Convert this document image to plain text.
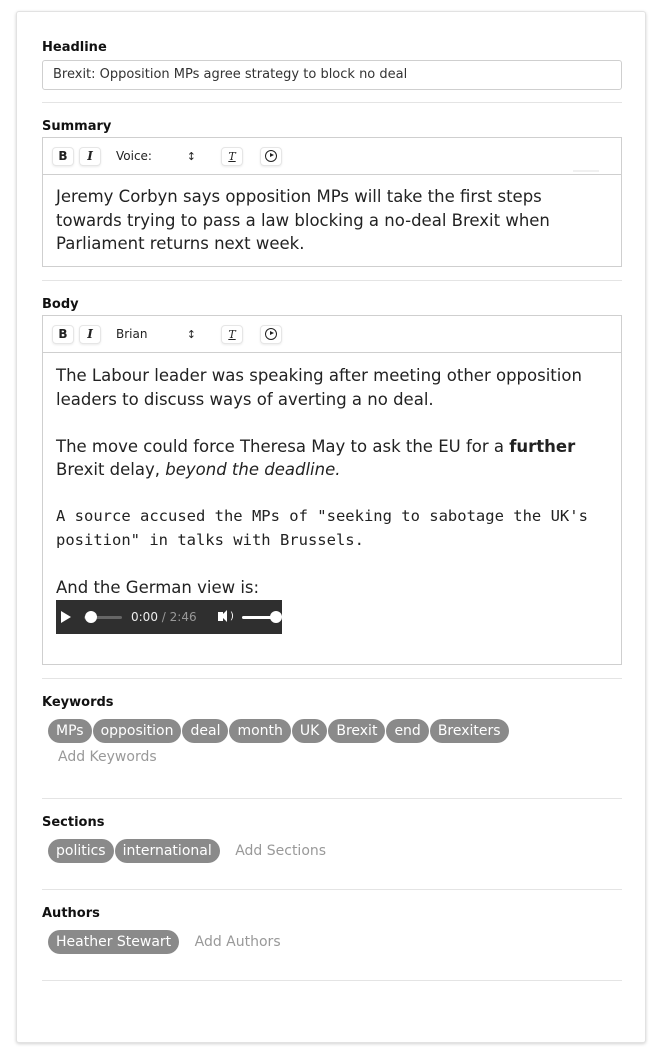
Headline
Brexit: Opposition MPs agree strategy to block no deal
Summary
B	I	Voice:	↕	T

Jeremy Corbyn says opposition MPs will take the first steps towards trying to pass a law blocking a no-deal Brexit when Parliament returns next week.

Body
B	I	Brian	↕	T

The Labour leader was speaking after meeting other opposition leaders to discuss ways of averting a no deal.

The move could force Theresa May to ask the EU for a further Brexit delay, beyond the deadline.

A source accused the MPs of "seeking to sabotage the UK's position" in talks with Brussels.

And the German view is:

0:00 / 2:46	)
Keywords
MPs opposition deal month UK Brexit end Brexiters
Add Keywords
Sections
politics international Add Sections
Authors
Heather Stewart Add Authors
